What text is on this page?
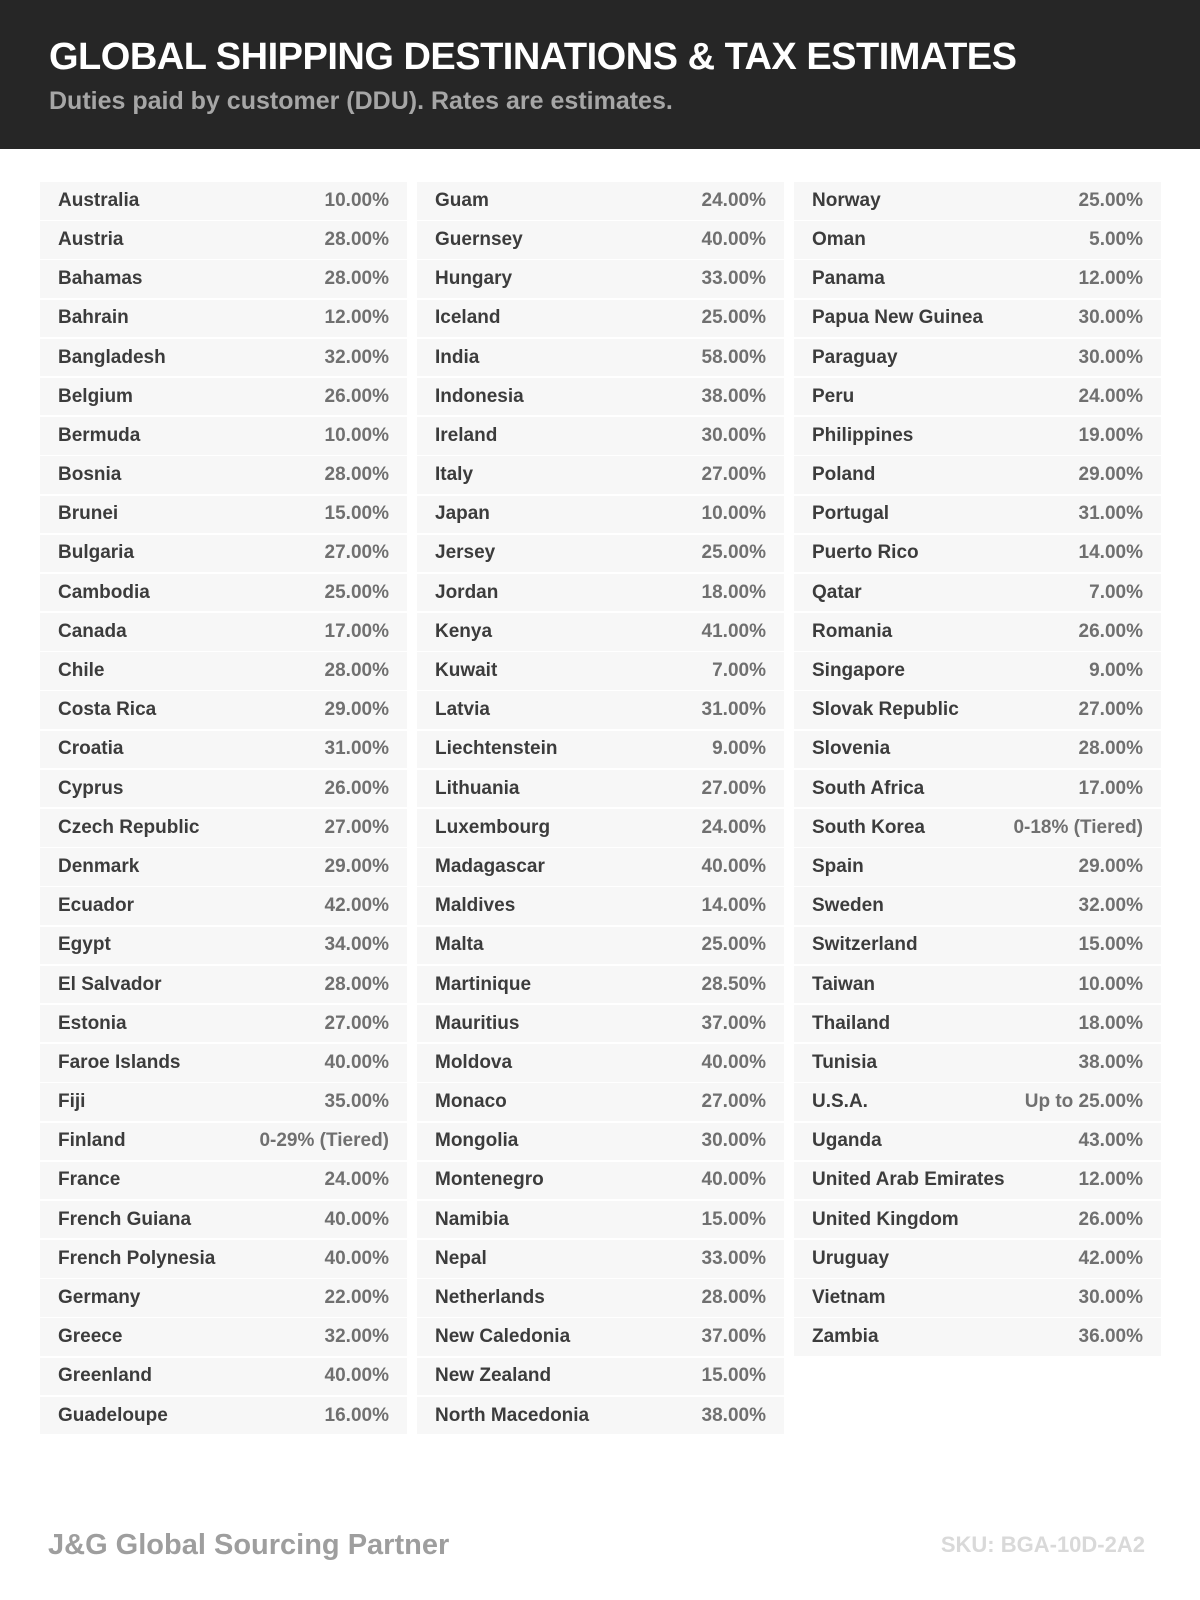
GLOBAL SHIPPING DESTINATIONS & TAX ESTIMATES
Duties paid by customer (DDU). Rates are estimates.
Australia	10.00%
Austria	28.00%
Bahamas	28.00%
Bahrain	12.00%
Bangladesh	32.00%
Belgium	26.00%
Bermuda	10.00%
Bosnia	28.00%
Brunei	15.00%
Bulgaria	27.00%
Cambodia	25.00%
Canada	17.00%
Chile	28.00%
Costa Rica	29.00%
Croatia	31.00%
Cyprus	26.00%
Czech Republic	27.00%
Denmark	29.00%
Ecuador	42.00%
Egypt	34.00%
El Salvador	28.00%
Estonia	27.00%
Faroe Islands	40.00%
Fiji	35.00%
Finland	0-29% (Tiered)
France	24.00%
French Guiana	40.00%
French Polynesia	40.00%
Germany	22.00%
Greece	32.00%
Greenland	40.00%
Guadeloupe	16.00%
Guam	24.00%
Guernsey	40.00%
Hungary	33.00%
Iceland	25.00%
India	58.00%
Indonesia	38.00%
Ireland	30.00%
Italy	27.00%
Japan	10.00%
Jersey	25.00%
Jordan	18.00%
Kenya	41.00%
Kuwait	7.00%
Latvia	31.00%
Liechtenstein	9.00%
Lithuania	27.00%
Luxembourg	24.00%
Madagascar	40.00%
Maldives	14.00%
Malta	25.00%
Martinique	28.50%
Mauritius	37.00%
Moldova	40.00%
Monaco	27.00%
Mongolia	30.00%
Montenegro	40.00%
Namibia	15.00%
Nepal	33.00%
Netherlands	28.00%
New Caledonia	37.00%
New Zealand	15.00%
North Macedonia	38.00%
Norway	25.00%
Oman	5.00%
Panama	12.00%
Papua New Guinea	30.00%
Paraguay	30.00%
Peru	24.00%
Philippines	19.00%
Poland	29.00%
Portugal	31.00%
Puerto Rico	14.00%
Qatar	7.00%
Romania	26.00%
Singapore	9.00%
Slovak Republic	27.00%
Slovenia	28.00%
South Africa	17.00%
South Korea	0-18% (Tiered)
Spain	29.00%
Sweden	32.00%
Switzerland	15.00%
Taiwan	10.00%
Thailand	18.00%
Tunisia	38.00%
U.S.A.	Up to 25.00%
Uganda	43.00%
United Arab Emirates	12.00%
United Kingdom	26.00%
Uruguay	42.00%
Vietnam	30.00%
Zambia	36.00%
J&G Global Sourcing Partner	SKU: BGA-10D-2A2
